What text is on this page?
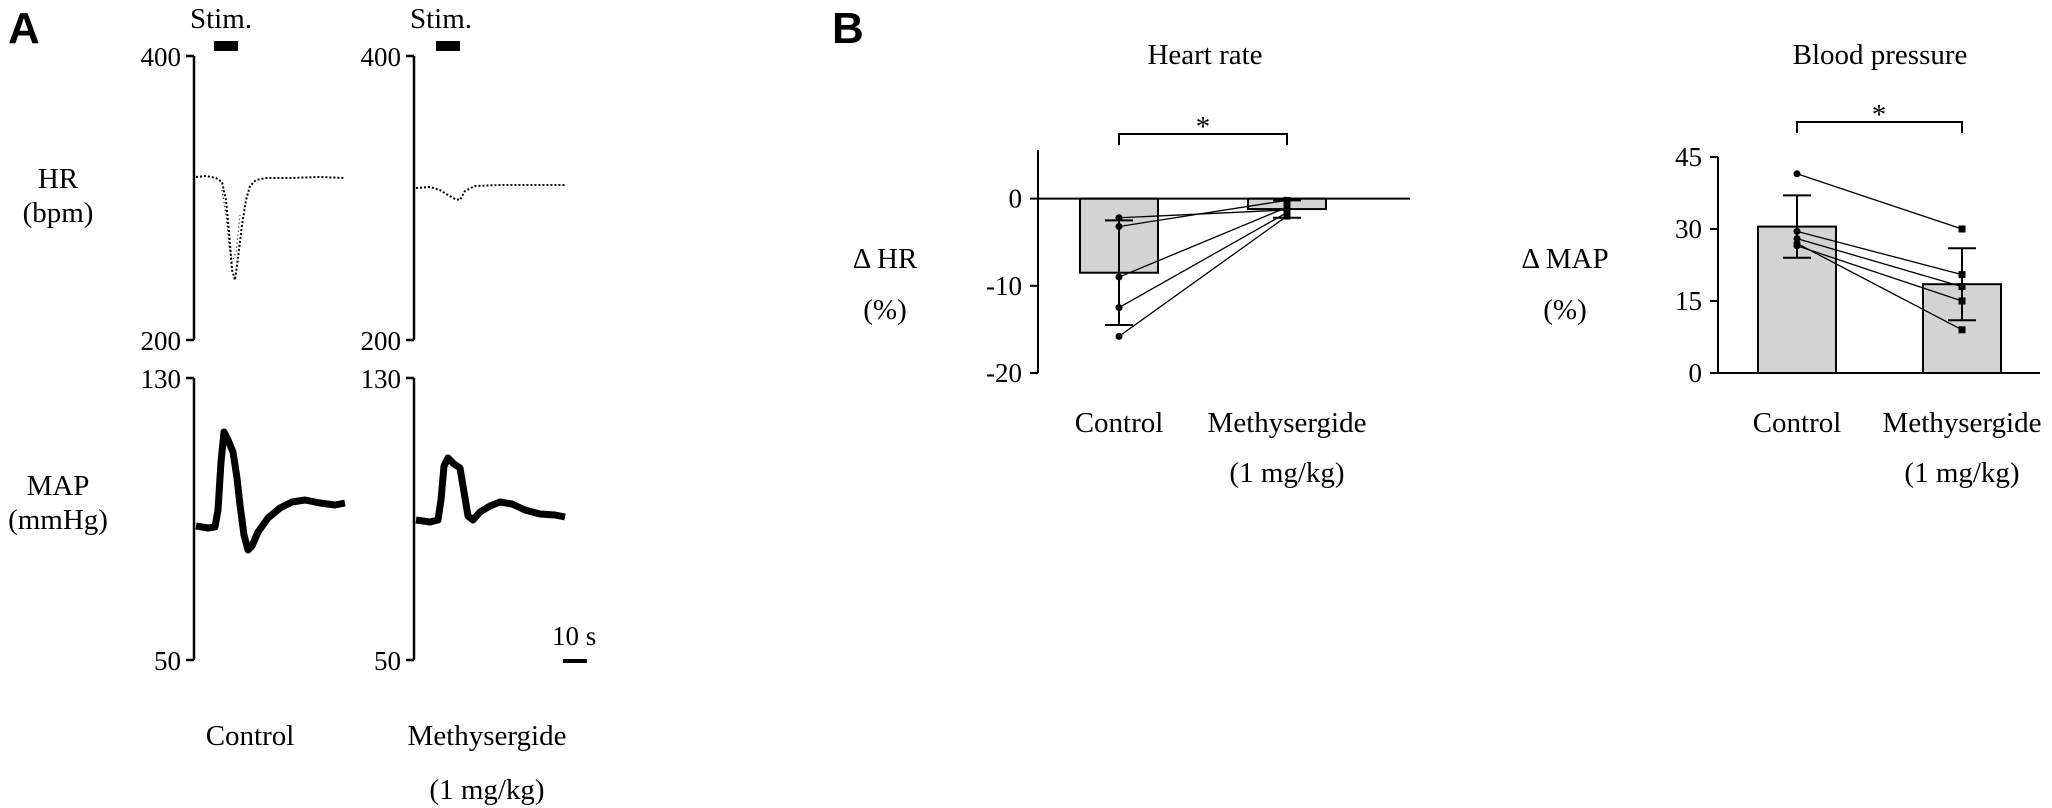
A	Stim.	Stim.
HR
(bpm)
MAP
(mmHg)
400
200
400
200
130
50
130
50
10 s
Control	Methysergide
(1 mg/kg)
B
Heart rate
Δ HR
(%)
0
-10
-20
*
Control Methysergide
(1 mg/kg)
Blood pressure
Δ MAP
(%)
45
30
15
0
*
Control Methysergide
(1 mg/kg)
